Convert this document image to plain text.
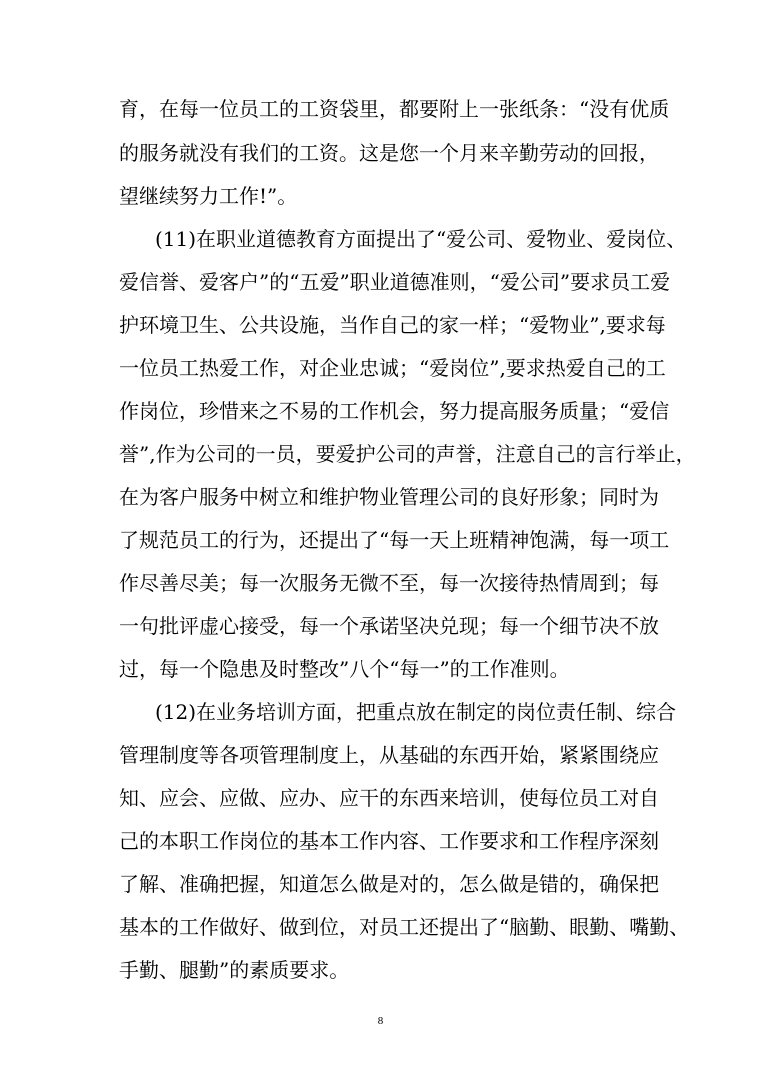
育，在每一位员工的工资袋里，都要附上一张纸条：“没有优质
的服务就没有我们的工资。这是您一个月来辛勤劳动的回报，
望继续努力工作!”。
(11)在职业道德教育方面提出了“爱公司、爱物业、爱岗位、
爱信誉、爱客户”的“五爱”职业道德准则，“爱公司”要求员工爱
护环境卫生、公共设施，当作自己的家一样；“爱物业”,要求每
一位员工热爱工作，对企业忠诚；“爱岗位”,要求热爱自己的工
作岗位，珍惜来之不易的工作机会，努力提高服务质量；“爱信
誉”,作为公司的一员，要爱护公司的声誉，注意自己的言行举止，
在为客户服务中树立和维护物业管理公司的良好形象；同时为
了规范员工的行为，还提出了“每一天上班精神饱满，每一项工
作尽善尽美；每一次服务无微不至，每一次接待热情周到；每
一句批评虚心接受，每一个承诺坚决兑现；每一个细节决不放
过，每一个隐患及时整改”八个“每一”的工作准则。
(12)在业务培训方面，把重点放在制定的岗位责任制、综合
管理制度等各项管理制度上，从基础的东西开始，紧紧围绕应
知、应会、应做、应办、应干的东西来培训，使每位员工对自
己的本职工作岗位的基本工作内容、工作要求和工作程序深刻
了解、准确把握，知道怎么做是对的，怎么做是错的，确保把
基本的工作做好、做到位，对员工还提出了“脑勤、眼勤、嘴勤、
手勤、腿勤”的素质要求。
8
